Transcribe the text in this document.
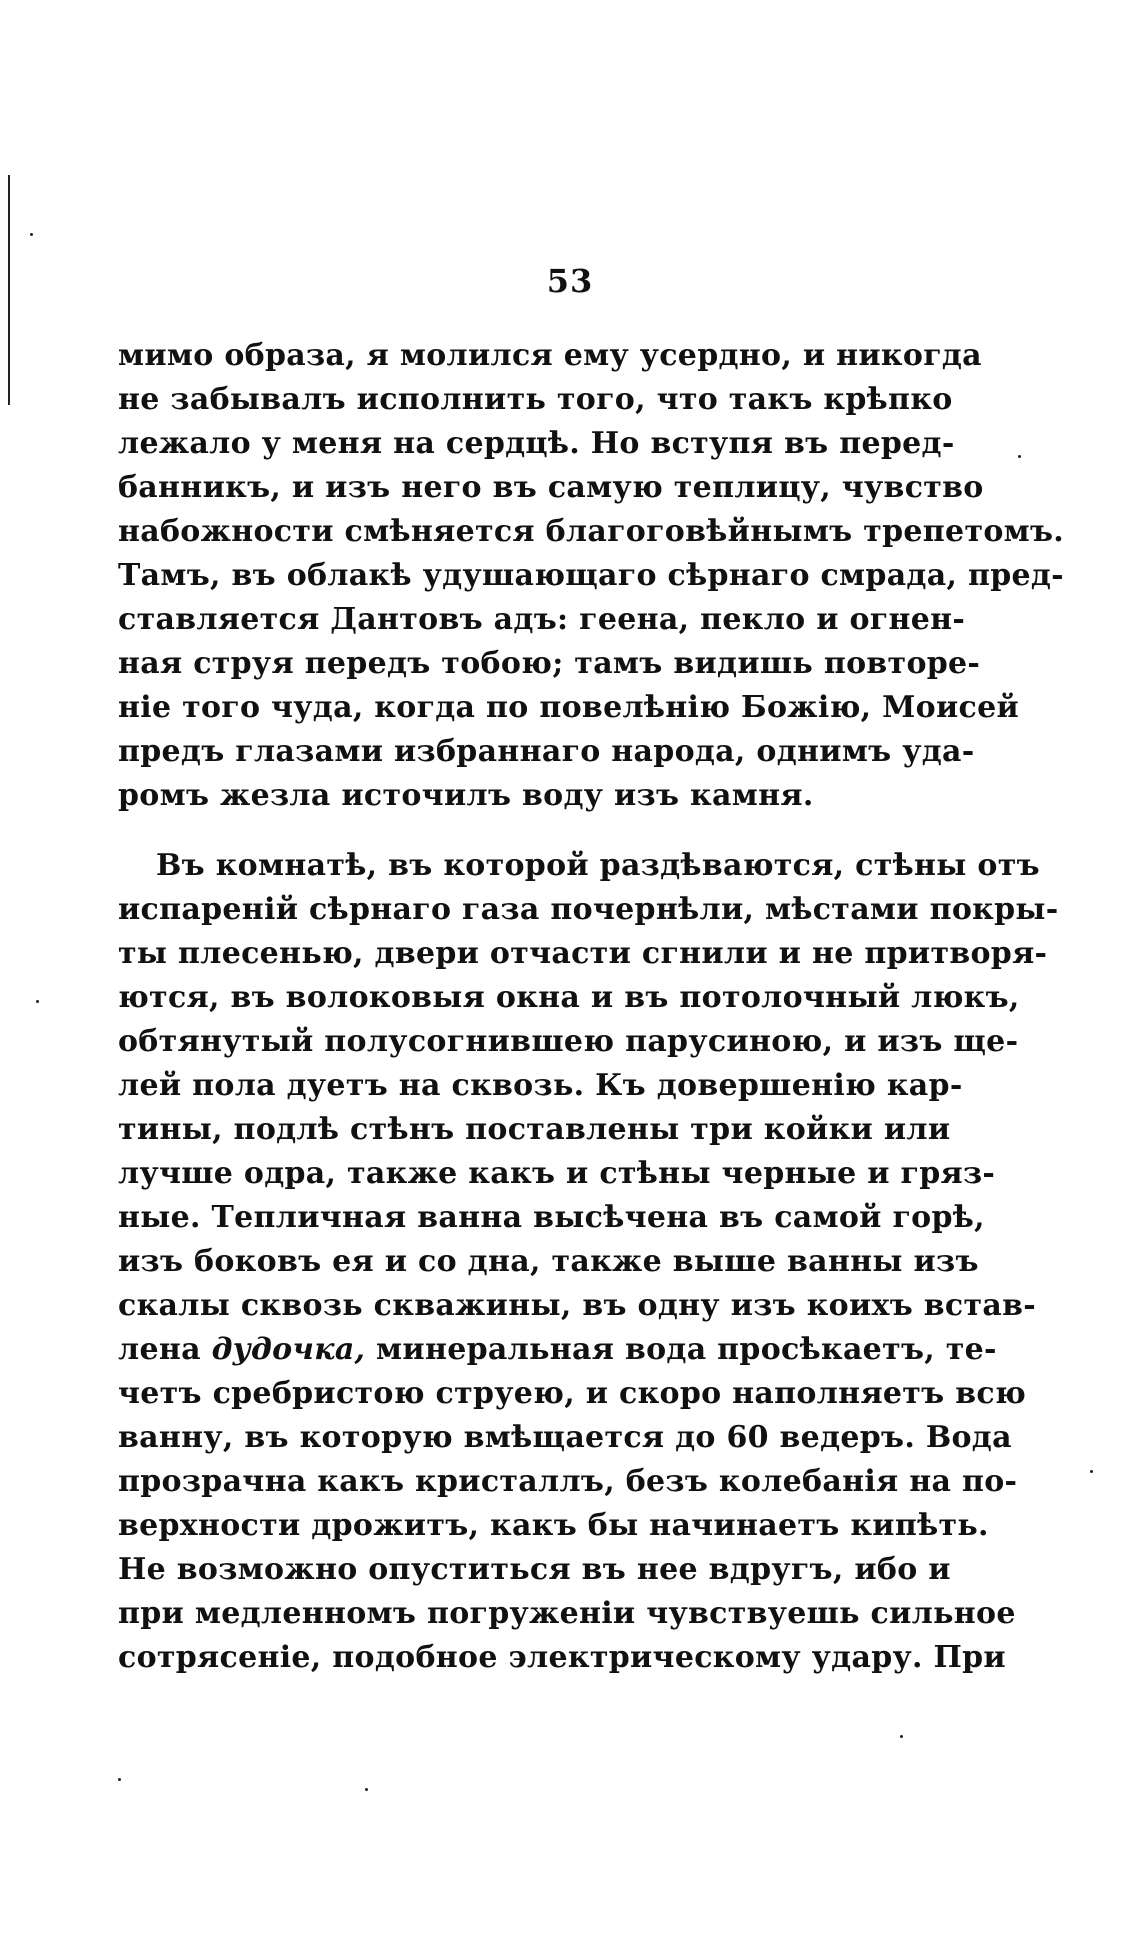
53
мимо образа, я молился ему усердно, и никогда
не забывалъ исполнить того, что такъ крѣпко
лежало у меня на сердцѣ. Но вступя въ перед-
банникъ, и изъ него въ самую теплицу, чувство
набожности смѣняется благоговѣйнымъ трепетомъ.
Тамъ, въ облакѣ удушающаго сѣрнаго смрада, пред-
ставляется Дантовъ адъ: геена, пекло и огнен-
ная струя передъ тобою; тамъ видишь повторе-
ніе того чуда, когда по повелѣнію Божію, Моисей
предъ глазами избраннаго народа, однимъ уда-
ромъ жезла источилъ воду изъ камня.
Въ комнатѣ, въ которой раздѣваются, стѣны отъ
испареній сѣрнаго газа почернѣли, мѣстами покры-
ты плесенью, двери отчасти сгнили и не притворя-
ются, въ волоковыя окна и въ потолочный люкъ,
обтянутый полусогнившею парусиною, и изъ ще-
лей пола дуетъ на сквозь. Къ довершенію кар-
тины, подлѣ стѣнъ поставлены три койки или
лучше одра, также какъ и стѣны черные и гряз-
ные. Тепличная ванна высѣчена въ самой горѣ,
изъ боковъ ея и со дна, также выше ванны изъ
скалы сквозь скважины, въ одну изъ коихъ встав-
лена дудочка, минеральная вода просѣкаетъ, те-
четъ сребристою струею, и скоро наполняетъ всю
ванну, въ которую вмѣщается до 60 ведеръ. Вода
прозрачна какъ кристаллъ, безъ колебанія на по-
верхности дрожитъ, какъ бы начинаетъ кипѣть.
Не возможно опуститься въ нее вдругъ, ибо и
при медленномъ погруженіи чувствуешь сильное
сотрясеніе, подобное электрическому удару. При
